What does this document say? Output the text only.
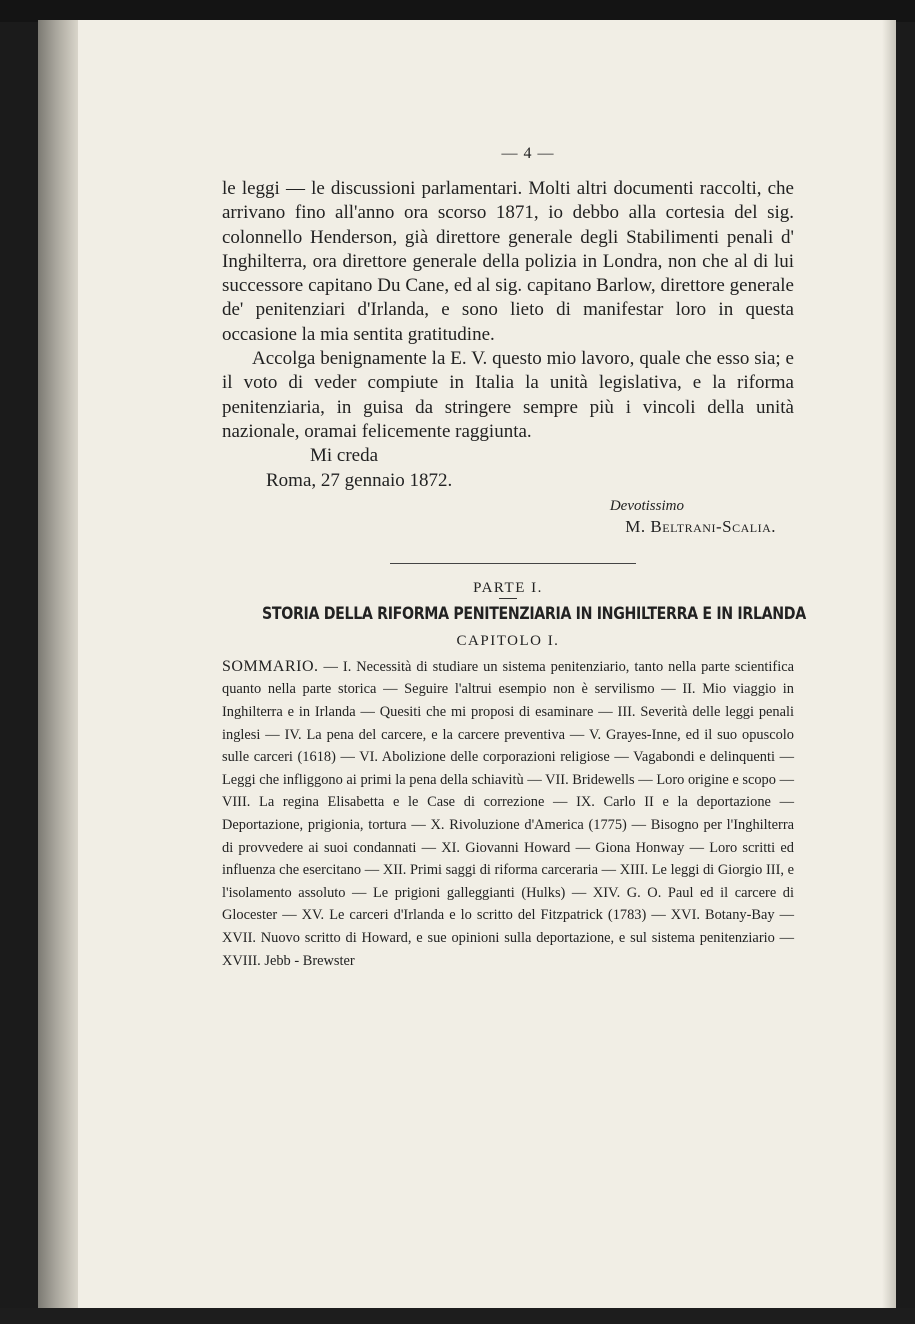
— 4 —

le leggi — le discussioni parlamentari. Molti altri documenti raccolti, che arrivano fino all'anno ora scorso 1871, io debbo alla cortesia del sig. colonnello Henderson, già direttore generale degli Stabilimenti penali d' Inghilterra, ora direttore generale della polizia in Londra, non che al di lui successore capitano Du Cane, ed al sig. capitano Barlow, direttore generale de' penitenziari d'Irlanda, e sono lieto di manifestar loro in questa occasione la mia sentita gratitudine.

Accolga benignamente la E. V. questo mio lavoro, quale che esso sia; e il voto di veder compiute in Italia la unità legislativa, e la riforma penitenziaria, in guisa da stringere sempre più i vincoli della unità nazionale, oramai felicemente raggiunta.

Mi creda
Roma, 27 gennaio 1872.
Devotissimo
M. Beltrani-Scalia.
PARTE I.
STORIA DELLA RIFORMA PENITENZIARIA IN INGHILTERRA E IN IRLANDA
CAPITOLO I.
SOMMARIO. — I. Necessità di studiare un sistema penitenziario, tanto nella parte scientifica quanto nella parte storica — Seguire l'altrui esempio non è servilismo — II. Mio viaggio in Inghilterra e in Irlanda — Quesiti che mi proposi di esaminare — III. Severità delle leggi penali inglesi — IV. La pena del carcere, e la carcere preventiva — V. Grayes-Inne, ed il suo opuscolo sulle carceri (1618) — VI. Abolizione delle corporazioni religiose — Vagabondi e delinquenti — Leggi che infliggono ai primi la pena della schiavitù — VII. Bridewells — Loro origine e scopo — VIII. La regina Elisabetta e le Case di correzione — IX. Carlo II e la deportazione — Deportazione, prigionia, tortura — X. Rivoluzione d'America (1775) — Bisogno per l'Inghilterra di provvedere ai suoi condannati — XI. Giovanni Howard — Giona Honway — Loro scritti ed influenza che esercitano — XII. Primi saggi di riforma carceraria — XIII. Le leggi di Giorgio III, e l'isolamento assoluto — Le prigioni galleggianti (Hulks) — XIV. G. O. Paul ed il carcere di Glocester — XV. Le carceri d'Irlanda e lo scritto del Fitzpatrick (1783) — XVI. Botany-Bay — XVII. Nuovo scritto di Howard, e sue opinioni sulla deportazione, e sul sistema penitenziario — XVIII. Jebb - Brewster
